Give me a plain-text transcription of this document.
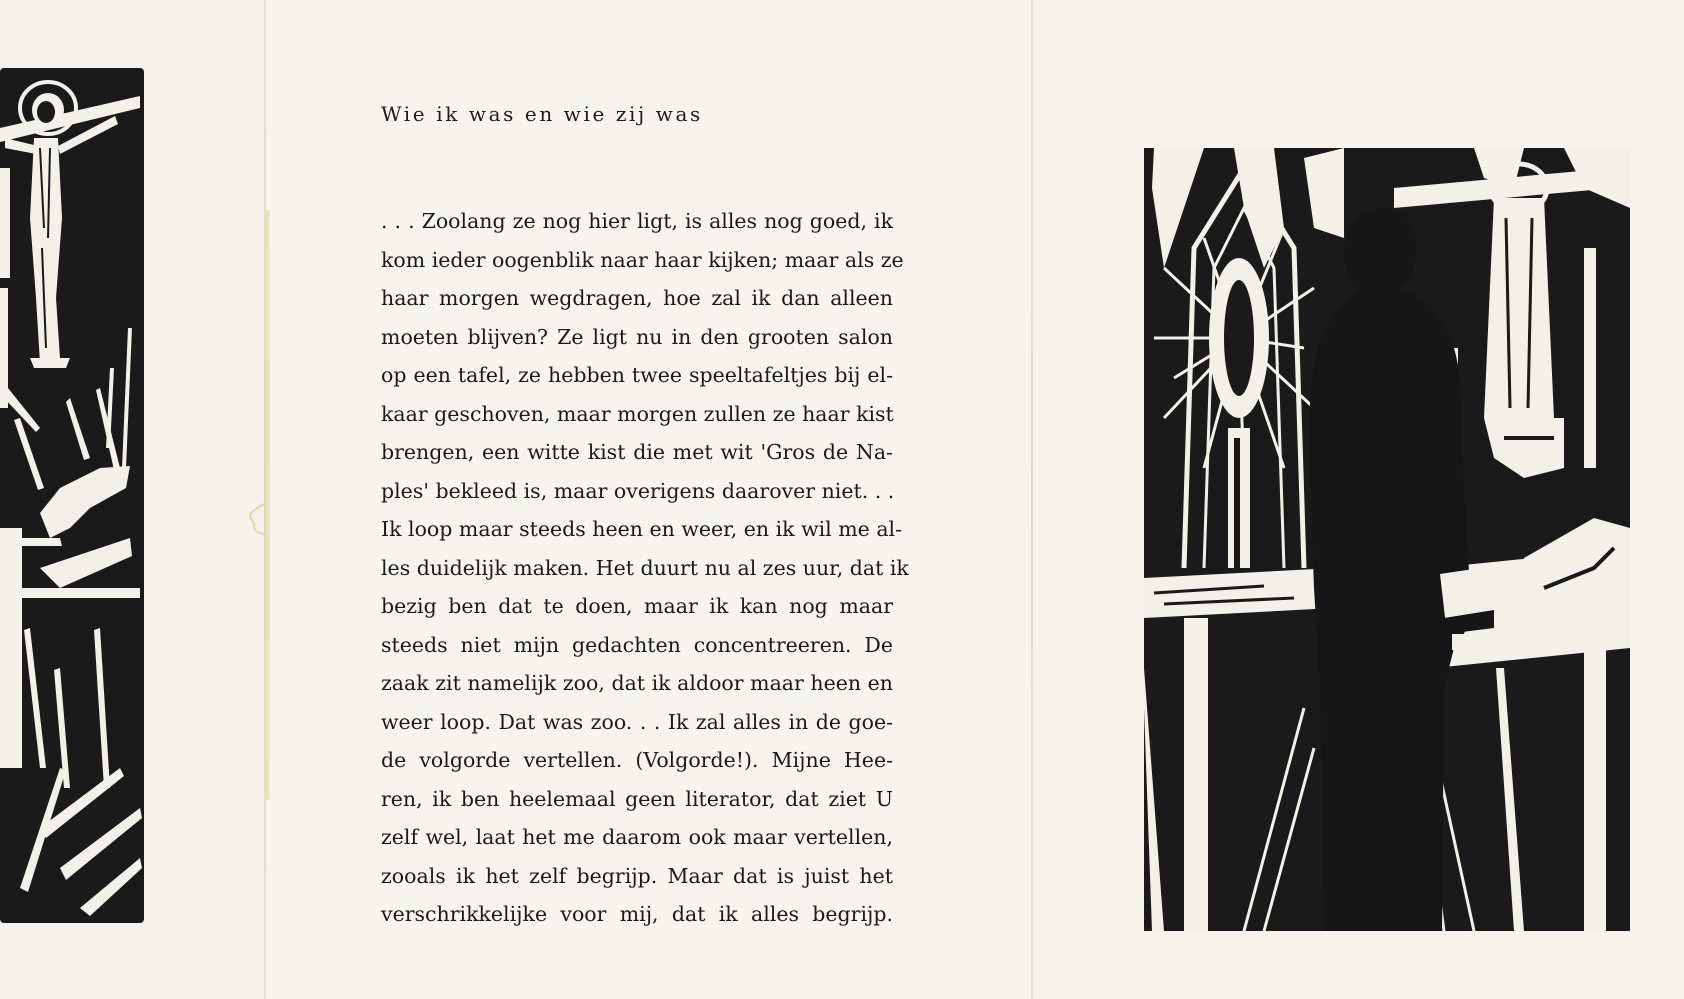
Wie ik was en wie zij was
. . . Zoolang ze nog hier ligt, is alles nog goed, ik
kom ieder oogenblik naar haar kijken; maar als ze
haar morgen wegdragen, hoe zal ik dan alleen
moeten blijven? Ze ligt nu in den grooten salon
op een tafel, ze hebben twee speeltafeltjes bij el-
kaar geschoven, maar morgen zullen ze haar kist
brengen, een witte kist die met wit 'Gros de Na-
ples' bekleed is, maar overigens daarover niet. . .
Ik loop maar steeds heen en weer, en ik wil me al-
les duidelijk maken. Het duurt nu al zes uur, dat ik
bezig ben dat te doen, maar ik kan nog maar
steeds niet mijn gedachten concentreeren. De
zaak zit namelijk zoo, dat ik aldoor maar heen en
weer loop. Dat was zoo. . . Ik zal alles in de goe-
de volgorde vertellen. (Volgorde!). Mijne Hee-
ren, ik ben heelemaal geen literator, dat ziet U
zelf wel, laat het me daarom ook maar vertellen,
zooals ik het zelf begrijp. Maar dat is juist het
verschrikkelijke voor mij, dat ik alles begrijp.
